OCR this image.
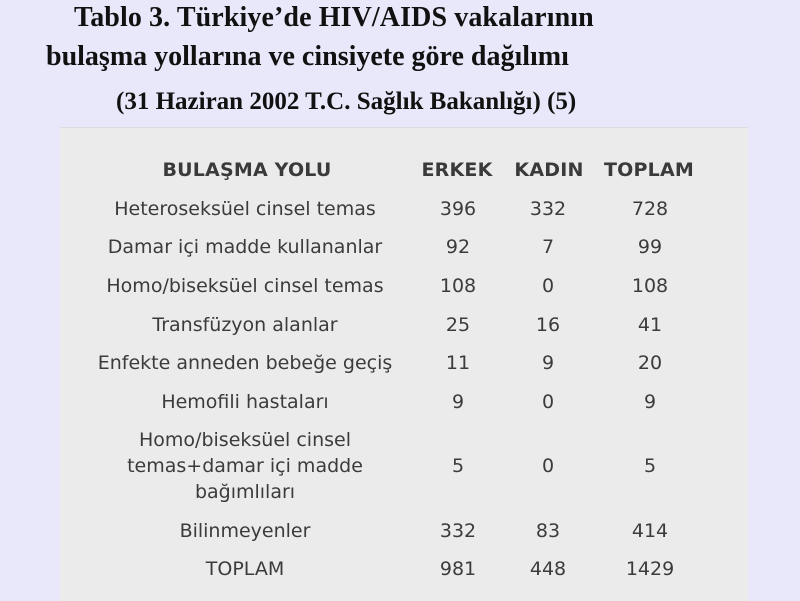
Tablo 3. Türkiye’de HIV/AIDS vakalarının
bulaşma yollarına ve cinsiyete göre dağılımı
(31 Haziran 2002 T.C. Sağlık Bakanlığı) (5)
BULAŞMA YOLU	ERKEK KADIN TOPLAM
Heteroseksüel cinsel temas	396	332	728
Damar içi madde kullananlar	92	7	99
Homo/biseksüel cinsel temas	108	0	108
Transfüzyon alanlar	25	16	41
Enfekte anneden bebeğe geçiş	11	9	20
Hemofili hastaları	9	0	9
Homo/biseksüel cinsel
temas+damar içi madde
bağımlıları
5	0	5
Bilinmeyenler	332	83	414
TOPLAM	981	448	1429
